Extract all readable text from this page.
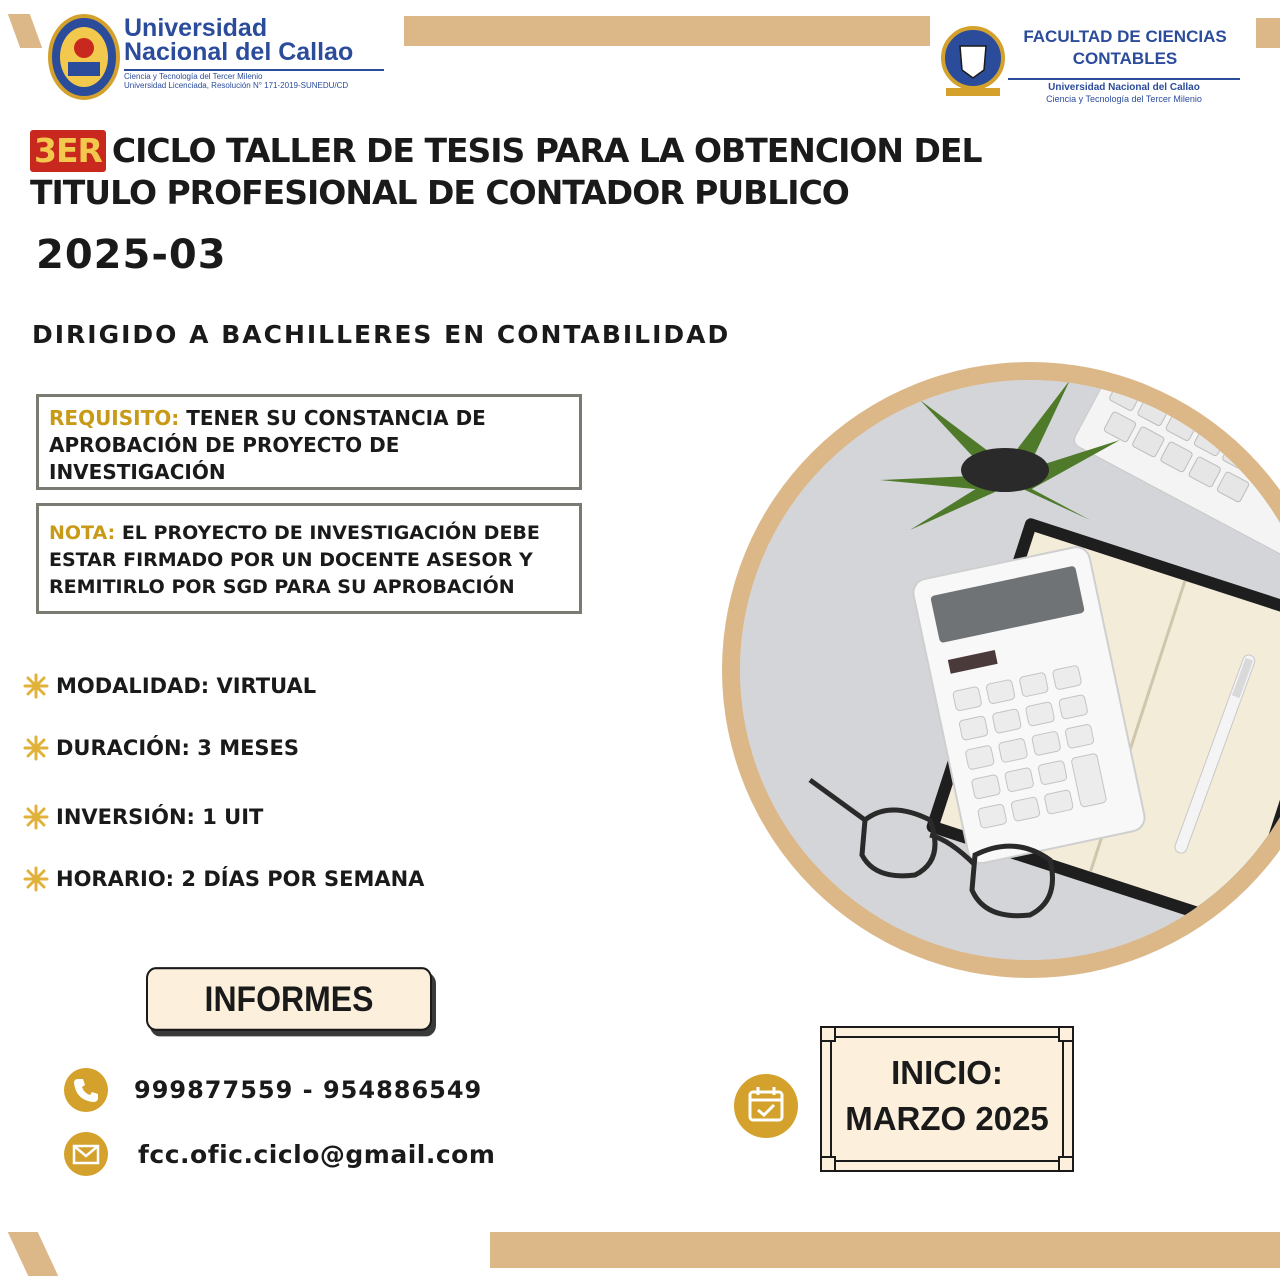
Universidad
Nacional del Callao
Ciencia y Tecnología del Tercer Milenio
Universidad Licenciada, Resolución N° 171-2019-SUNEDU/CD
FACULTAD DE CIENCIAS
CONTABLES
Universidad Nacional del Callao
Ciencia y Tecnología del Tercer Milenio
3ER CICLO TALLER DE TESIS PARA LA OBTENCION DEL
TITULO PROFESIONAL DE CONTADOR PUBLICO
2025-03
DIRIGIDO A BACHILLERES EN CONTABILIDAD
REQUISITO: TENER SU CONSTANCIA DE APROBACIÓN DE PROYECTO DE INVESTIGACIÓN
NOTA: EL PROYECTO DE INVESTIGACIÓN DEBE ESTAR FIRMADO POR UN DOCENTE ASESOR Y REMITIRLO POR SGD PARA SU APROBACIÓN
MODALIDAD: VIRTUAL
DURACIÓN: 3 MESES
INVERSIÓN: 1 UIT
HORARIO: 2 DÍAS POR SEMANA
INFORMES
999877559 - 954886549
fcc.ofic.ciclo@gmail.com
INICIO:
MARZO 2025
